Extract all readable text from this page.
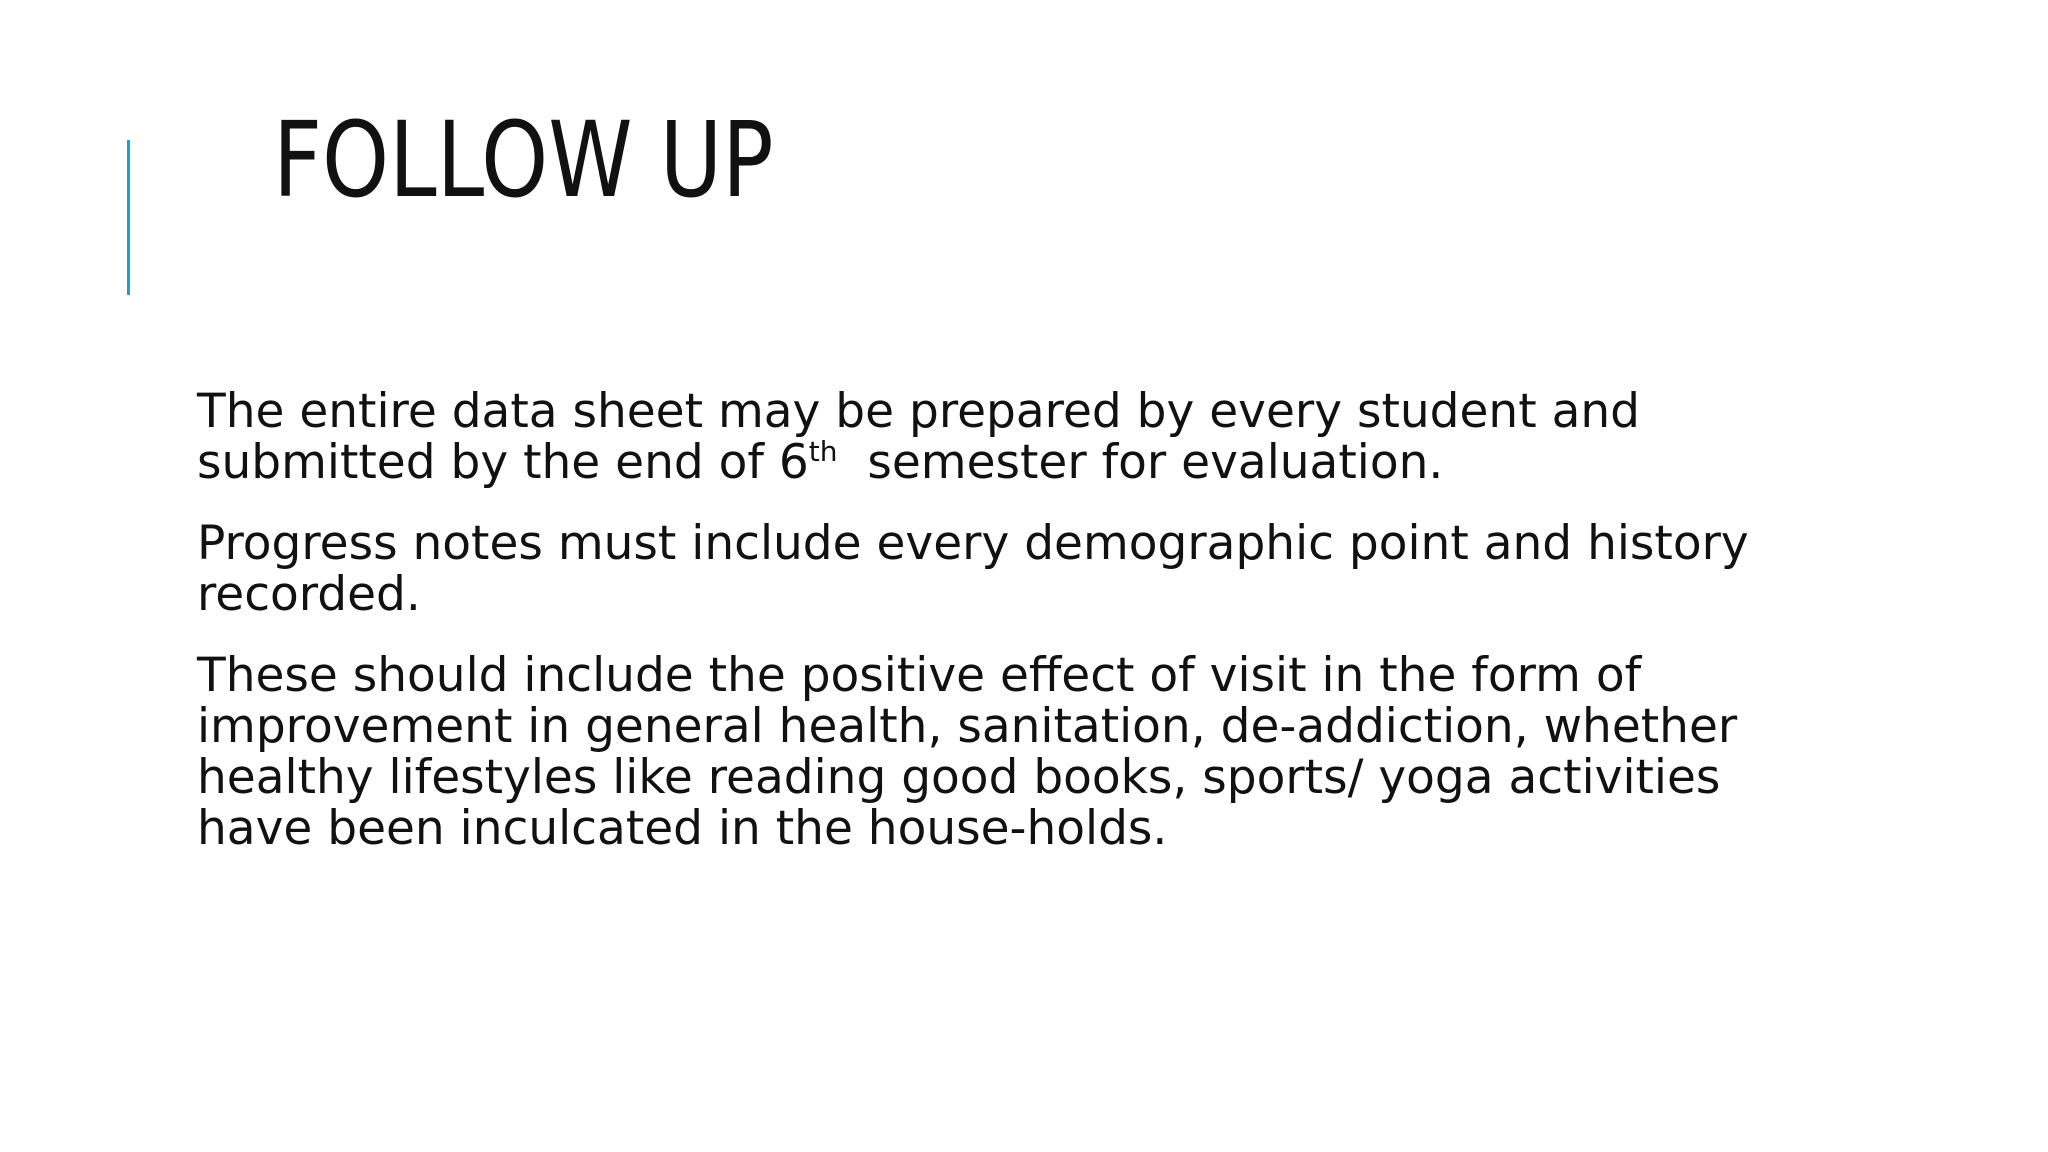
FOLLOW UP

The entire data sheet may be prepared by every student and submitted by the end of 6th  semester for evaluation.

Progress notes must include every demographic point and history recorded.

These should include the positive effect of visit in the form of improvement in general health, sanitation, de-addiction, whether healthy lifestyles like reading good books, sports/ yoga activities have been inculcated in the house-holds.
